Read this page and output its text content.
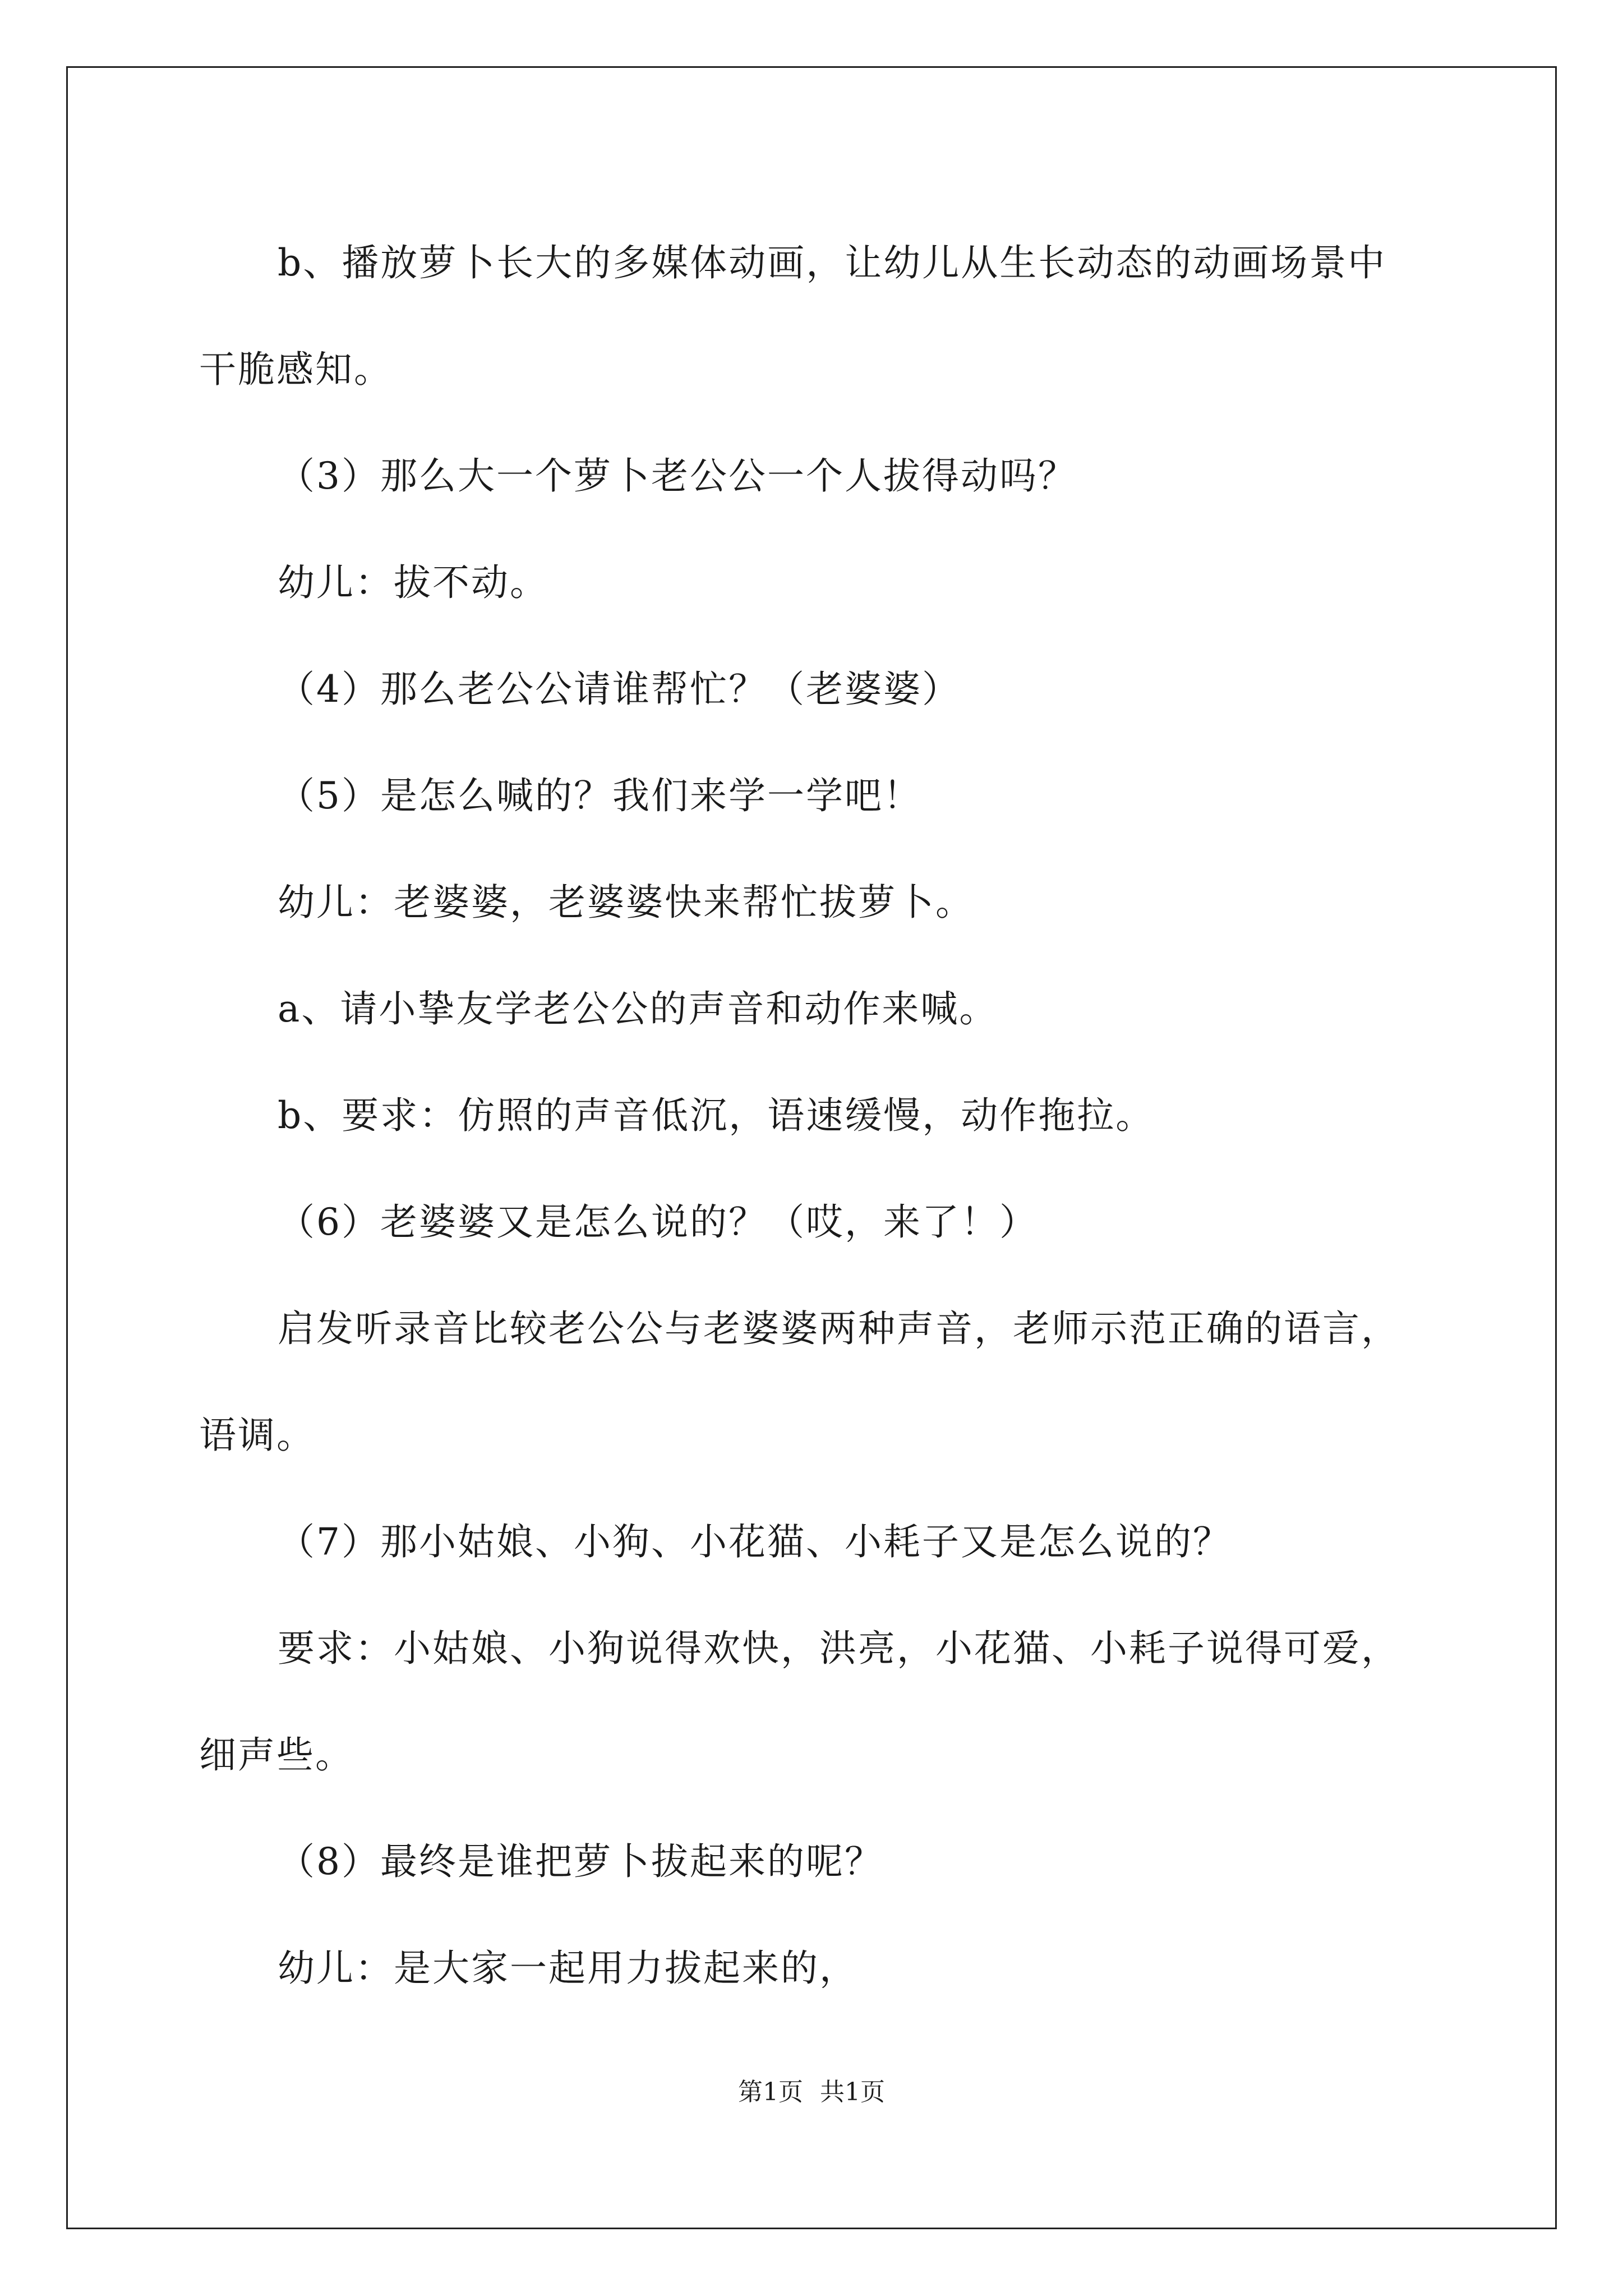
b、播放萝卜长大的多媒体动画，让幼儿从生长动态的动画场景中

干脆感知。

（3）那么大一个萝卜老公公一个人拔得动吗？

幼儿：拔不动。

（4）那么老公公请谁帮忙？（老婆婆）

（5）是怎么喊的？我们来学一学吧！

幼儿：老婆婆，老婆婆快来帮忙拔萝卜。

a、请小挚友学老公公的声音和动作来喊。

b、要求：仿照的声音低沉，语速缓慢，动作拖拉。

（6）老婆婆又是怎么说的？（哎，来了！）

启发听录音比较老公公与老婆婆两种声音，老师示范正确的语言，

语调。

（7）那小姑娘、小狗、小花猫、小耗子又是怎么说的？

要求：小姑娘、小狗说得欢快，洪亮，小花猫、小耗子说得可爱，

细声些。

（8）最终是谁把萝卜拔起来的呢？

幼儿：是大家一起用力拔起来的，

第1页 共1页
